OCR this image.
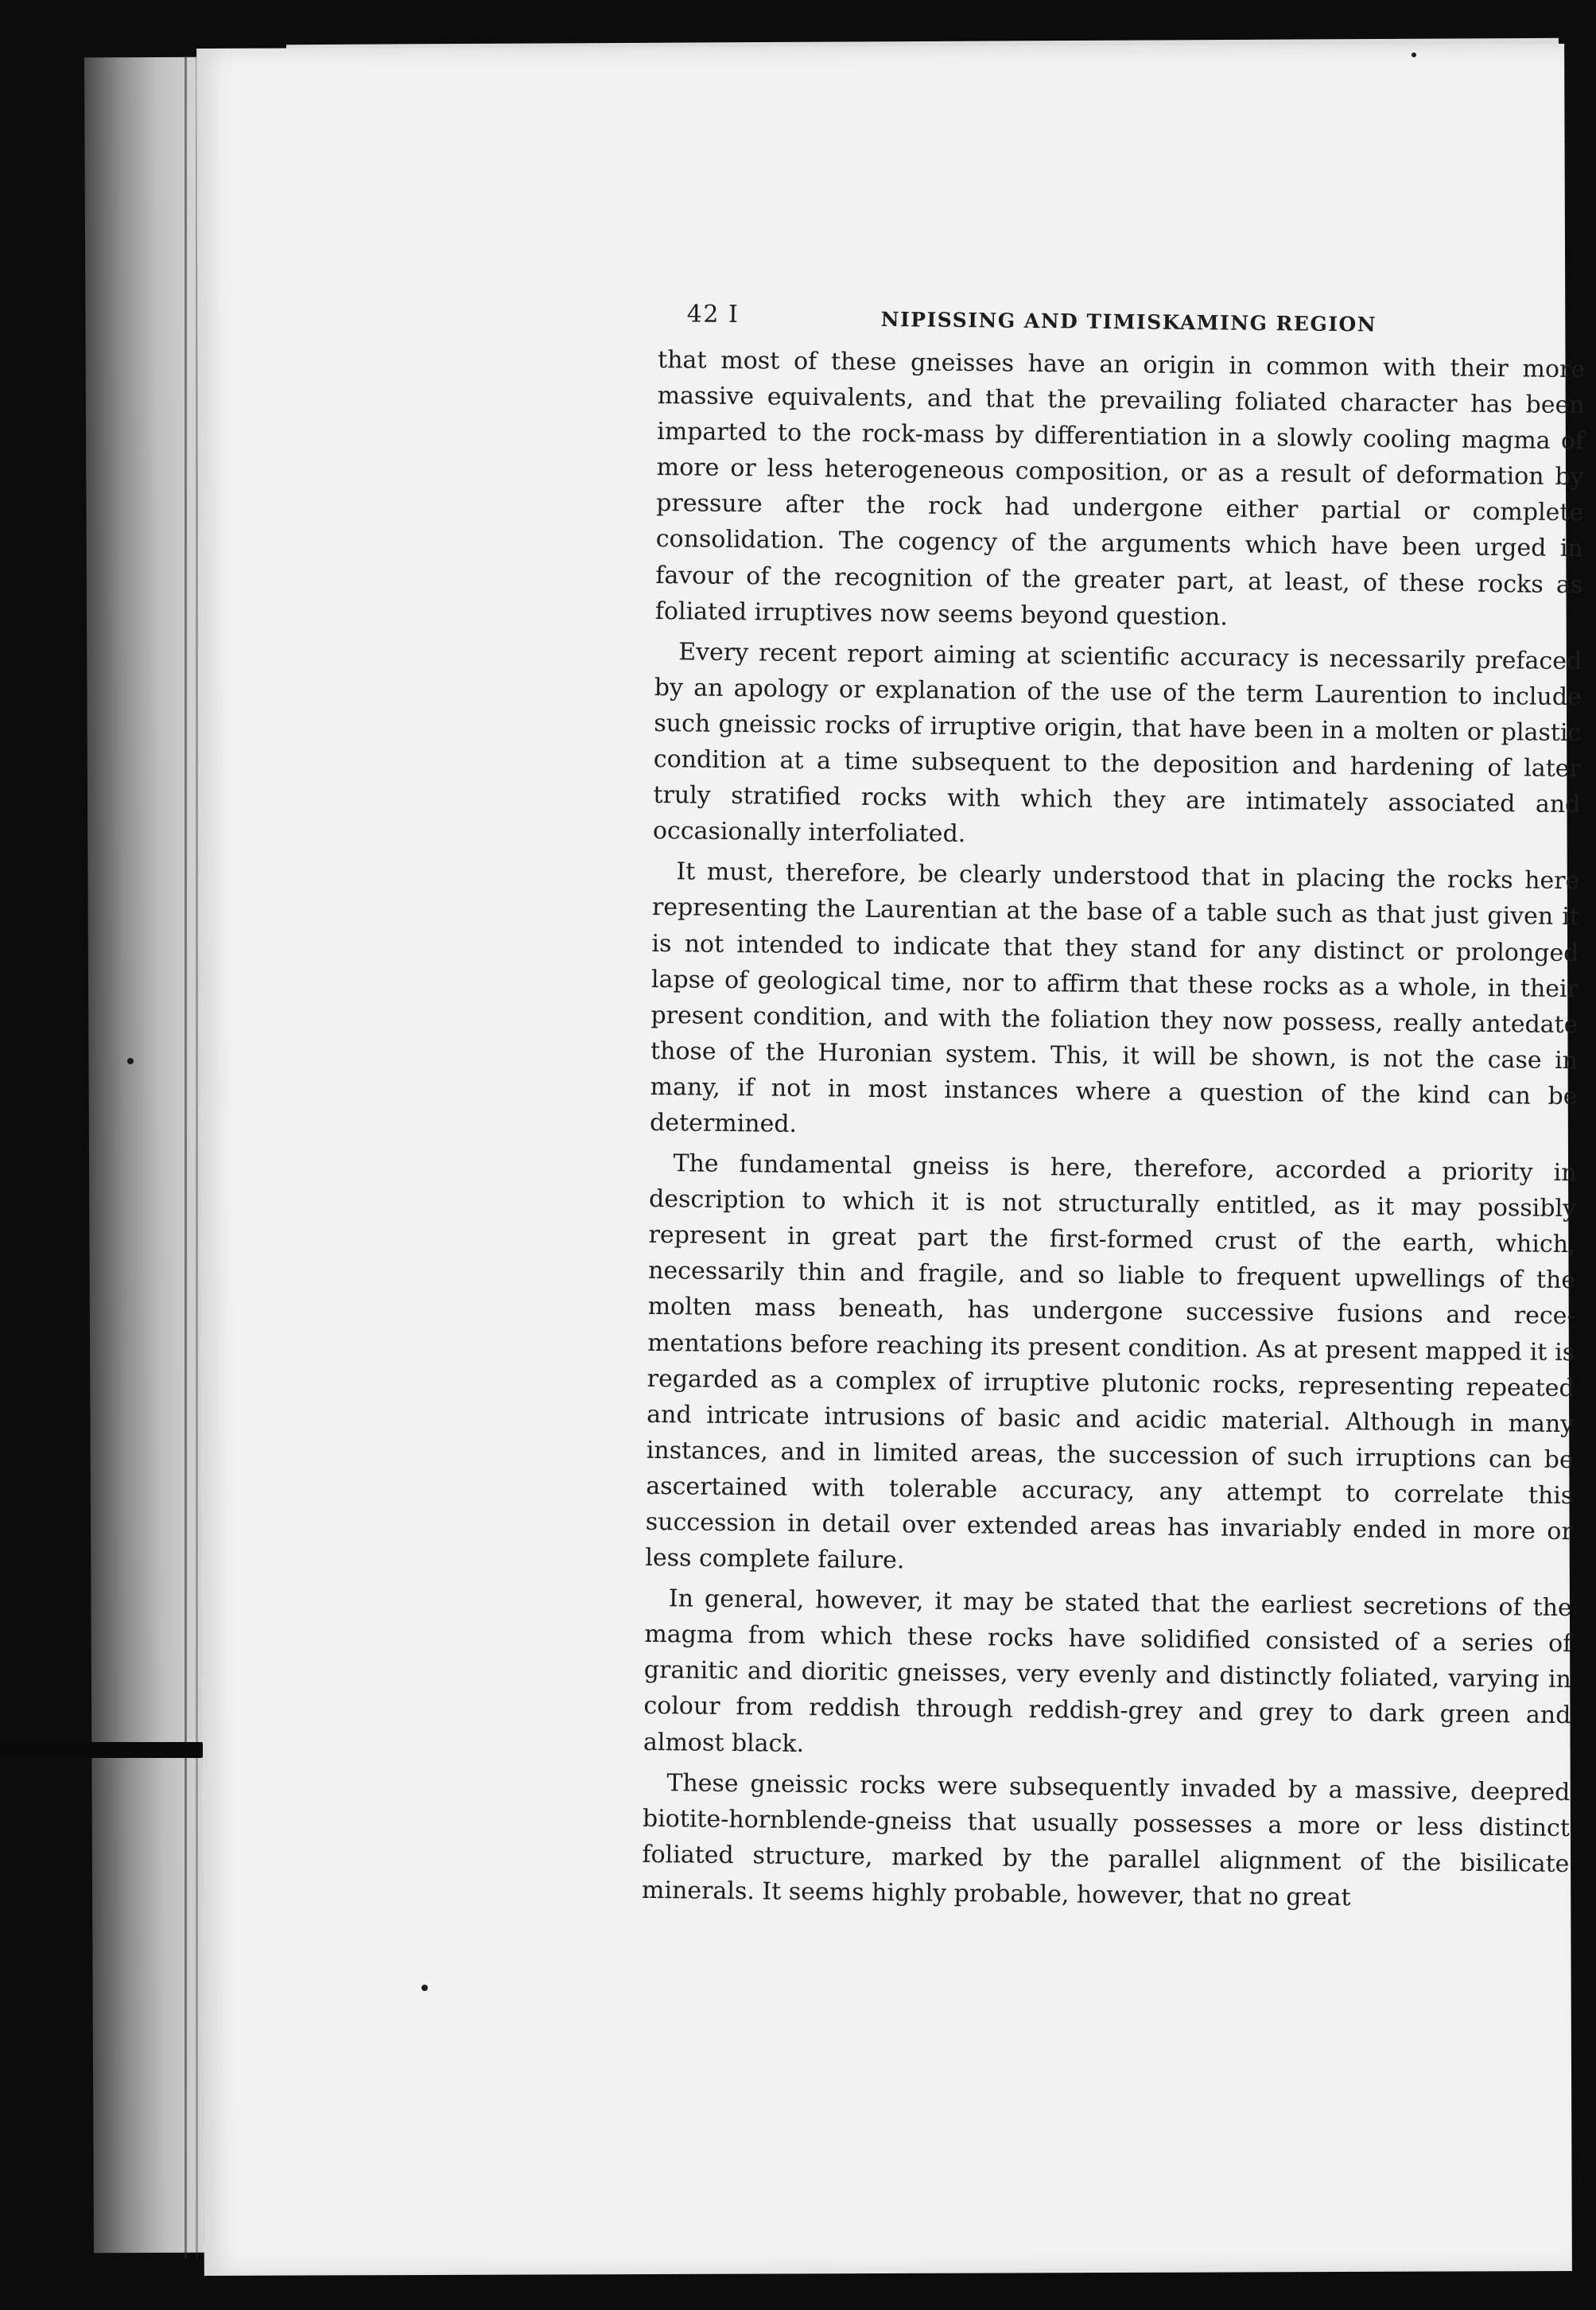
42 I	NIPISSING AND TIMISKAMING REGION

that most of these gneisses have an origin in common with their more massive equivalents, and that the prevailing foliated character has been imparted to the rock-mass by differentiation in a slowly cooling magma of more or less heterogeneous composition, or as a result of deformation by pressure after the rock had undergone either partial or complete consolidation. The cogency of the arguments which have been urged in favour of the recognition of the greater part, at least, of these rocks as foliated irruptives now seems beyond question.

Every recent report aiming at scientific accuracy is necessarily prefaced by an apology or explanation of the use of the term Laurention to include such gneissic rocks of irruptive origin, that have been in a molten or plastic condition at a time subsequent to the deposition and hardening of later truly stratified rocks with which they are intimately associated and occasionally interfoliated.

It must, therefore, be clearly understood that in placing the rocks here representing the Laurentian at the base of a table such as that just given it is not intended to indicate that they stand for any distinct or prolonged lapse of geological time, nor to affirm that these rocks as a whole, in their present condition, and with the foliation they now possess, really antedate those of the Huronian system. This, it will be shown, is not the case in many, if not in most instances where a question of the kind can be determined.

The fundamental gneiss is here, therefore, accorded a priority in description to which it is not structurally entitled, as it may possibly represent in great part the first-formed crust of the earth, which, necessarily thin and fragile, and so liable to frequent upwellings of the molten mass beneath, has undergone successive fusions and recementations before reaching its present condition. As at present mapped it is regarded as a complex of irruptive plutonic rocks, representing repeated and intricate intrusions of basic and acidic material. Although in many instances, and in limited areas, the succession of such irruptions can be ascertained with tolerable accuracy, any attempt to correlate this succession in detail over extended areas has invariably ended in more or less complete failure.

In general, however, it may be stated that the earliest secretions of the magma from which these rocks have solidified consisted of a series of granitic and dioritic gneisses, very evenly and distinctly foliated, varying in colour from reddish through reddish-grey and grey to dark green and almost black.

These gneissic rocks were subsequently invaded by a massive, deepred biotite-hornblende-gneiss that usually possesses a more or less distinct foliated structure, marked by the parallel alignment of the bisilicate minerals. It seems highly probable, however, that no great
